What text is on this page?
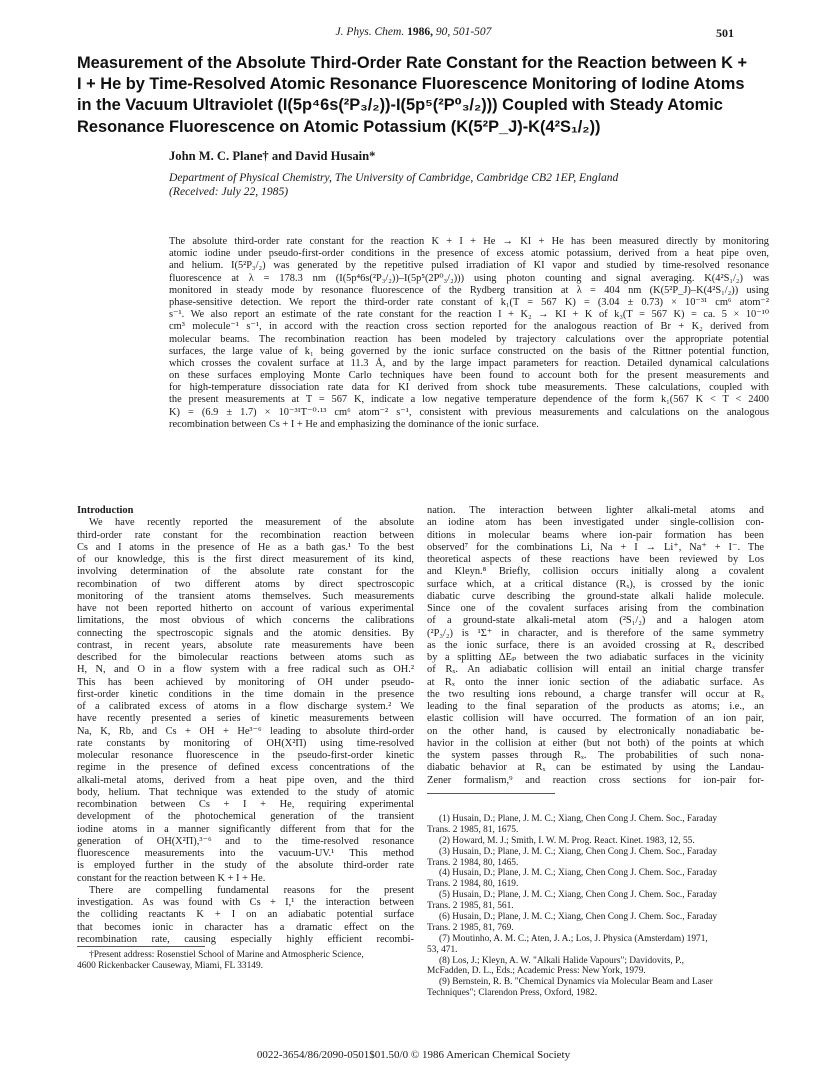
J. Phys. Chem. 1986, 90, 501-507	501
Measurement of the Absolute Third-Order Rate Constant for the Reaction between K +
I + He by Time-Resolved Atomic Resonance Fluorescence Monitoring of Iodine Atoms
in the Vacuum Ultraviolet (I(5p⁴6s(²P₃/₂))-I(5p⁵(²P⁰₃/₂))) Coupled with Steady Atomic
Resonance Fluorescence on Atomic Potassium (K(5²P_J)-K(4²S₁/₂))
John M. C. Plane† and David Husain*
Department of Physical Chemistry, The University of Cambridge, Cambridge CB2 1EP, England
(Received: July 22, 1985)
The absolute third-order rate constant for the reaction K + I + He → KI + He has been measured directly by monitoring
atomic iodine under pseudo-first-order conditions in the presence of excess atomic potassium, derived from a heat pipe oven,
and helium. I(5²P₃/₂) was generated by the repetitive pulsed irradiation of KI vapor and studied by time-resolved resonance
fluorescence at λ = 178.3 nm (I(5p⁴6s(²P₃/₂))–I(5p⁵(2P⁰₃/₂))) using photon counting and signal averaging. K(4²S₁/₂) was
monitored in steady mode by resonance fluorescence of the Rydberg transition at λ = 404 nm (K(5²P_J)–K(4²S₁/₂)) using
phase-sensitive detection. We report the third-order rate constant of k₁(T = 567 K) = (3.04 ± 0.73) × 10⁻³¹ cm⁶ atom⁻²
s⁻¹. We also report an estimate of the rate constant for the reaction I + K₂ → KI + K of k₃(T = 567 K) = ca. 5 × 10⁻¹⁰
cm³ molecule⁻¹ s⁻¹, in accord with the reaction cross section reported for the analogous reaction of Br + K₂ derived from
molecular beams. The recombination reaction has been modeled by trajectory calculations over the appropriate potential
surfaces, the large value of k₁ being governed by the ionic surface constructed on the basis of the Rittner potential function,
which crosses the covalent surface at 11.3 Å, and by the large impact parameters for reaction. Detailed dynamical calculations
on these surfaces employing Monte Carlo techniques have been found to account both for the present measurements and
for high-temperature dissociation rate data for KI derived from shock tube measurements. These calculations, coupled with
the present measurements at T = 567 K, indicate a low negative temperature dependence of the form k₁(567 K < T < 2400
K) = (6.9 ± 1.7) × 10⁻³¹T⁻⁰·¹³ cm⁶ atom⁻² s⁻¹, consistent with previous measurements and calculations on the analogous
recombination between Cs + I + He and emphasizing the dominance of the ionic surface.
Introduction
We have recently reported the measurement of the absolute
third-order rate constant for the recombination reaction between
Cs and I atoms in the presence of He as a bath gas.¹ To the best
of our knowledge, this is the first direct measurement of its kind,
involving determination of the absolute rate constant for the
recombination of two different atoms by direct spectroscopic
monitoring of the transient atoms themselves. Such measurements
have not been reported hitherto on account of various experimental
limitations, the most obvious of which concerns the calibrations
connecting the spectroscopic signals and the atomic densities. By
contrast, in recent years, absolute rate measurements have been
described for the bimolecular reactions between atoms such as
H, N, and O in a flow system with a free radical such as OH.²
This has been achieved by monitoring of OH under pseudo-
first-order kinetic conditions in the time domain in the presence
of a calibrated excess of atoms in a flow discharge system.² We
have recently presented a series of kinetic measurements between
Na, K, Rb, and Cs + OH + He³⁻⁶ leading to absolute third-order
rate constants by monitoring of OH(X²Π) using time-resolved
molecular resonance fluorescence in the pseudo-first-order kinetic
regime in the presence of defined excess concentrations of the
alkali-metal atoms, derived from a heat pipe oven, and the third
body, helium. That technique was extended to the study of atomic
recombination between Cs + I + He, requiring experimental
development of the photochemical generation of the transient
iodine atoms in a manner significantly different from that for the
generation of OH(X²Π),³⁻⁶ and to the time-resolved resonance
fluorescence measurements into the vacuum-UV.¹ This method
is employed further in the study of the absolute third-order rate
constant for the reaction between K + I + He.
There are compelling fundamental reasons for the present
investigation. As was found with Cs + I,¹ the interaction between
the colliding reactants K + I on an adiabatic potential surface
that becomes ionic in character has a dramatic effect on the
recombination rate, causing especially highly efficient recombi-
†Present address: Rosenstiel School of Marine and Atmospheric Science,
4600 Rickenbacker Causeway, Miami, FL 33149.
nation. The interaction between lighter alkali-metal atoms and
an iodine atom has been investigated under single-collision con-
ditions in molecular beams where ion-pair formation has been
observed⁷ for the combinations Li, Na + I → Li⁺, Na⁺ + I⁻. The
theoretical aspects of these reactions have been reviewed by Los
and Kleyn.⁸ Briefly, collision occurs initially along a covalent
surface which, at a critical distance (Rₓ), is crossed by the ionic
diabatic curve describing the ground-state alkali halide molecule.
Since one of the covalent surfaces arising from the combination
of a ground-state alkali-metal atom (²S₁/₂) and a halogen atom
(²P₃/₂) is ¹Σ⁺ in character, and is therefore of the same symmetry
as the ionic surface, there is an avoided crossing at Rₓ described
by a splitting ΔEₚ between the two adiabatic surfaces in the vicinity
of Rₓ. An adiabatic collision will entail an initial charge transfer
at Rₓ onto the inner ionic section of the adiabatic surface. As
the two resulting ions rebound, a charge transfer will occur at Rₓ
leading to the final separation of the products as atoms; i.e., an
elastic collision will have occurred. The formation of an ion pair,
on the other hand, is caused by electronically nonadiabatic be-
havior in the collision at either (but not both) of the points at which
the system passes through Rₓ. The probabilities of such nona-
diabatic behavior at Rₓ can be estimated by using the Landau-
Zener formalism,⁹ and reaction cross sections for ion-pair for-
(1) Husain, D.; Plane, J. M. C.; Xiang, Chen Cong J. Chem. Soc., Faraday
Trans. 2 1985, 81, 1675.
(2) Howard, M. J.; Smith, I. W. M. Prog. React. Kinet. 1983, 12, 55.
(3) Husain, D.; Plane, J. M. C.; Xiang, Chen Cong J. Chem. Soc., Faraday
Trans. 2 1984, 80, 1465.
(4) Husain, D.; Plane, J. M. C.; Xiang, Chen Cong J. Chem. Soc., Faraday
Trans. 2 1984, 80, 1619.
(5) Husain, D.; Plane, J. M. C.; Xiang, Chen Cong J. Chem. Soc., Faraday
Trans. 2 1985, 81, 561.
(6) Husain, D.; Plane, J. M. C.; Xiang, Chen Cong J. Chem. Soc., Faraday
Trans. 2 1985, 81, 769.
(7) Moutinho, A. M. C.; Aten, J. A.; Los, J. Physica (Amsterdam) 1971,
53, 471.
(8) Los, J.; Kleyn, A. W. "Alkali Halide Vapours"; Davidovits, P.,
McFadden, D. L., Eds.; Academic Press: New York, 1979.
(9) Bernstein, R. B. "Chemical Dynamics via Molecular Beam and Laser
Techniques"; Clarendon Press, Oxford, 1982.
0022-3654/86/2090-0501$01.50/0 © 1986 American Chemical Society
